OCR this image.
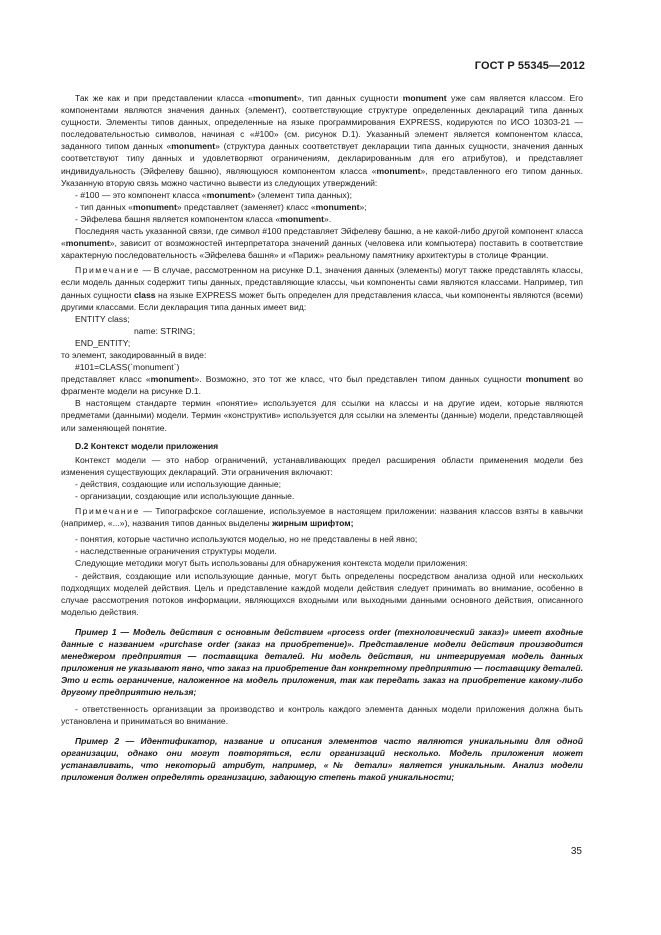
ГОСТ Р 55345—2012

Так же как и при представлении класса «monument», тип данных сущности monument уже сам является классом. Его компонентами являются значения данных (элемент), соответствующие структуре определенных деклараций типа данных сущности. Элементы типов данных, определенные на языке программирования EXPRESS, кодируются по ИСО 10303-21 — последовательностью символов, начиная с «#100» (см. рисунок D.1). Указанный элемент является компонентом класса, заданного типом данных «monument» (структура данных соответствует декларации типа данных сущности, значения данных соответствуют типу данных и удовлетворяют ограничениям, декларированным для его атрибутов), и представляет индивидуальность (Эйфелеву башню), являющуюся компонентом класса «monument», представленного его типом данных. Указанную вторую связь можно частично вывести из следующих утверждений:

- #100 — это компонент класса «monument» (элемент типа данных);

- тип данных «monument» представляет (заменяет) класс «monument»;

- Эйфелева башня является компонентом класса «monument».

Последняя часть указанной связи, где символ #100 представляет Эйфелеву башню, а не какой-либо другой компонент класса «monument», зависит от возможностей интерпретатора значений данных (человека или компьютера) поставить в соответствие характерную последовательность «Эйфелева башня» и «Париж» реальному памятнику архитектуры в столице Франции.

Примечание — В случае, рассмотренном на рисунке D.1, значения данных (элементы) могут также представлять классы, если модель данных содержит типы данных, представляющие классы, чьи компоненты сами являются классами. Например, тип данных сущности class на языке EXPRESS может быть определен для представления класса, чьи компоненты являются (всеми) другими классами. Если декларация типа данных имеет вид:

ENTITY class;

name: STRING;

END_ENTITY;

то элемент, закодированный в виде:

#101=CLASS(`monument`)

представляет класс «monument». Возможно, это тот же класс, что был представлен типом данных сущности monument во фрагменте модели на рисунке D.1.

В настоящем стандарте термин «понятие» используется для ссылки на классы и на другие идеи, которые являются предметами (данными) модели. Термин «конструктив» используется для ссылки на элементы (данные) модели, представляющей или заменяющей понятие.

D.2 Контекст модели приложения

Контекст модели — это набор ограничений, устанавливающих предел расширения области применения модели без изменения существующих деклараций. Эти ограничения включают:

- действия, создающие или использующие данные;

- организации, создающие или использующие данные.

Примечание — Типографское соглашение, используемое в настоящем приложении: названия классов взяты в кавычки (например, «...»), названия типов данных выделены жирным шрифтом;

- понятия, которые частично используются моделью, но не представлены в ней явно;

- наследственные ограничения структуры модели.

Следующие методики могут быть использованы для обнаружения контекста модели приложения:

- действия, создающие или использующие данные, могут быть определены посредством анализа одной или нескольких подходящих моделей действия. Цель и представление каждой модели действия следует принимать во внимание, особенно в случае рассмотрения потоков информации, являющихся входными или выходными данными основного действия, описанного моделью действия.

Пример 1 — Модель действия с основным действием «process order (технологический заказ)» имеет входные данные с названием «purchase order (заказ на приобретение)». Представление модели действия производится менеджером предприятия — поставщика деталей. Ни модель действия, ни интегрируемая модель данных приложения не указывают явно, что заказ на приобретение дан конкретному предприятию — поставщику деталей. Это и есть ограничение, наложенное на модель приложения, так как передать заказ на приобретение какому-либо другому предприятию нельзя;

- ответственность организации за производство и контроль каждого элемента данных модели приложения должна быть установлена и приниматься во внимание.

Пример 2 — Идентификатор, название и описания элементов часто являются уникальными для одной организации, однако они могут повторяться, если организаций несколько. Модель приложения может устанавливать, что некоторый атрибут, например, «№ детали» является уникальным. Анализ модели приложения должен определять организацию, задающую степень такой уникальности;

35
